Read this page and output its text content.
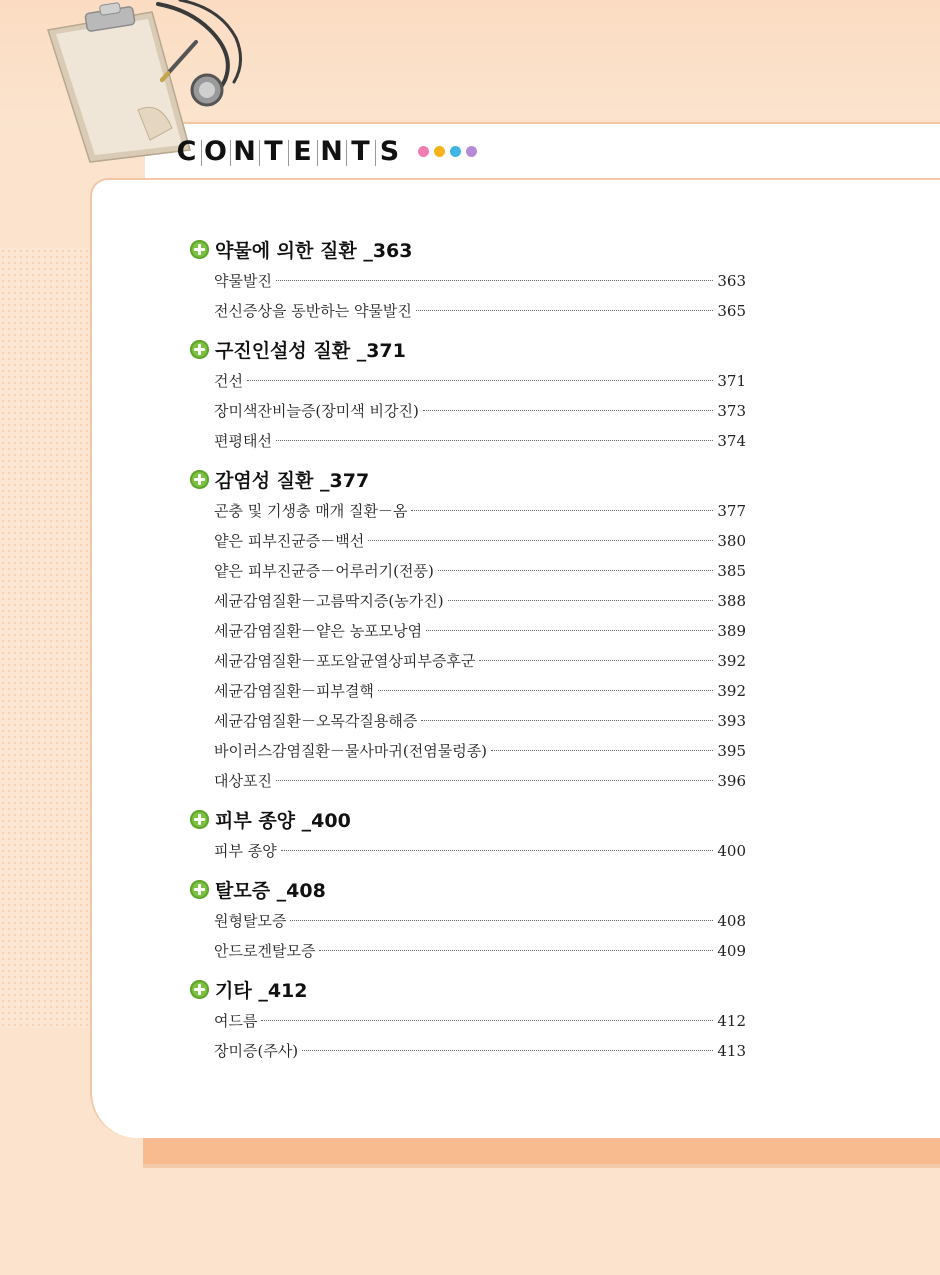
C O N T E N T S
약물에 의한 질환 _363
약물발진	363
전신증상을 동반하는 약물발진	365
구진인설성 질환 _371
건선	371
장미색잔비늘증(장미색 비강진)	373
편평태선	374
감염성 질환 _377
곤충 및 기생충 매개 질환－옴	377
얕은 피부진균증－백선	380
얕은 피부진균증－어루러기(전풍)	385
세균감염질환－고름딱지증(농가진)	388
세균감염질환－얕은 농포모낭염	389
세균감염질환－포도알균열상피부증후군	392
세균감염질환－피부결핵	392
세균감염질환－오목각질용해증	393
바이러스감염질환－물사마귀(전염물렁종)	395
대상포진	396
피부 종양 _400
피부 종양	400
탈모증 _408
원형탈모증	408
안드로겐탈모증	409
기타 _412
여드름	412
장미증(주사)	413
